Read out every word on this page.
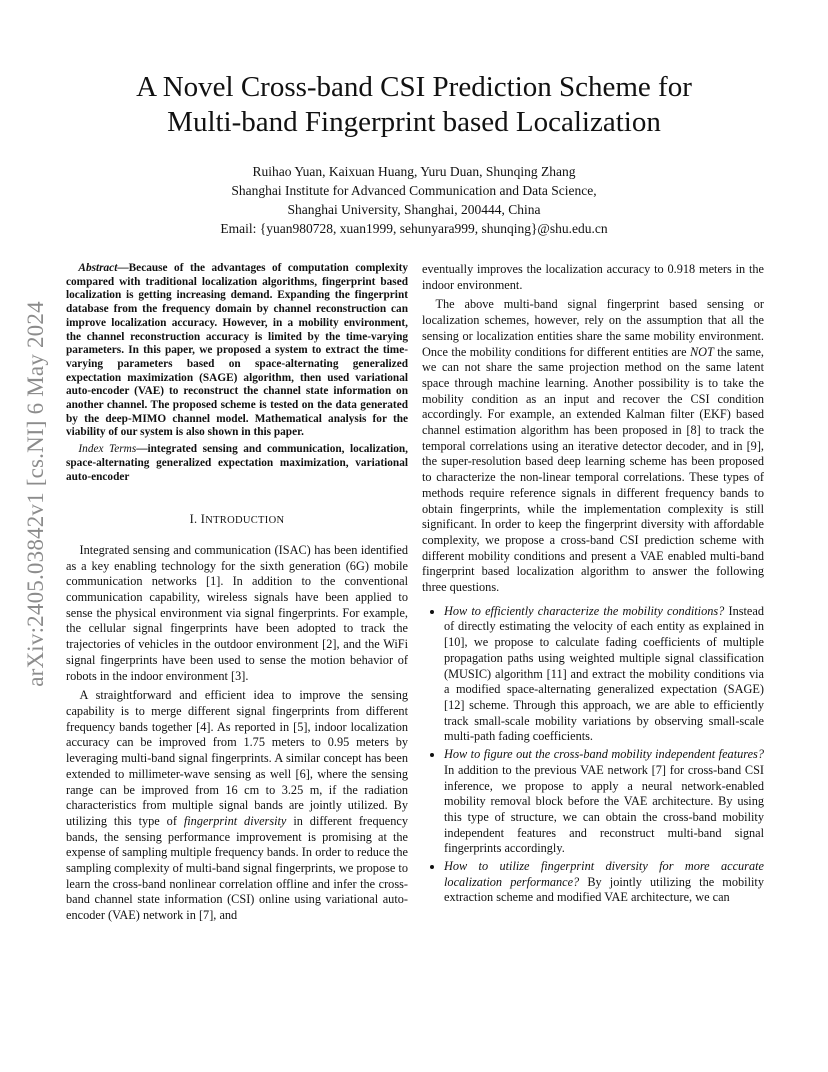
arXiv:2405.03842v1 [cs.NI] 6 May 2024
A Novel Cross-band CSI Prediction Scheme for
Multi-band Fingerprint based Localization
Ruihao Yuan, Kaixuan Huang, Yuru Duan, Shunqing Zhang
Shanghai Institute for Advanced Communication and Data Science,
Shanghai University, Shanghai, 200444, China
Email: {yuan980728, xuan1999, sehunyara999, shunqing}@shu.edu.cn

Abstract—Because of the advantages of computation complexity compared with traditional localization algorithms, fingerprint based localization is getting increasing demand. Expanding the fingerprint database from the frequency domain by channel reconstruction can improve localization accuracy. However, in a mobility environment, the channel reconstruction accuracy is limited by the time-varying parameters. In this paper, we proposed a system to extract the time-varying parameters based on space-alternating generalized expectation maximization (SAGE) algorithm, then used variational auto-encoder (VAE) to reconstruct the channel state information on another channel. The proposed scheme is tested on the data generated by the deep-MIMO channel model. Mathematical analysis for the viability of our system is also shown in this paper.

Index Terms—integrated sensing and communication, localization, space-alternating generalized expectation maximization, variational auto-encoder

I. INTRODUCTION

Integrated sensing and communication (ISAC) has been identified as a key enabling technology for the sixth generation (6G) mobile communication networks [1]. In addition to the conventional communication capability, wireless signals have been applied to sense the physical environment via signal fingerprints. For example, the cellular signal fingerprints have been adopted to track the trajectories of vehicles in the outdoor environment [2], and the WiFi signal fingerprints have been used to sense the motion behavior of robots in the indoor environment [3].

A straightforward and efficient idea to improve the sensing capability is to merge different signal fingerprints from different frequency bands together [4]. As reported in [5], indoor localization accuracy can be improved from 1.75 meters to 0.95 meters by leveraging multi-band signal fingerprints. A similar concept has been extended to millimeter-wave sensing as well [6], where the sensing range can be improved from 16 cm to 3.25 m, if the radiation characteristics from multiple signal bands are jointly utilized. By utilizing this type of fingerprint diversity in different frequency bands, the sensing performance improvement is promising at the expense of sampling multiple frequency bands. In order to reduce the sampling complexity of multi-band signal fingerprints, we propose to learn the cross-band nonlinear correlation offline and infer the cross-band channel state information (CSI) online using variational auto-encoder (VAE) network in [7], and

eventually improves the localization accuracy to 0.918 meters in the indoor environment.

The above multi-band signal fingerprint based sensing or localization schemes, however, rely on the assumption that all the sensing or localization entities share the same mobility environment. Once the mobility conditions for different entities are NOT the same, we can not share the same projection method on the same latent space through machine learning. Another possibility is to take the mobility condition as an input and recover the CSI condition accordingly. For example, an extended Kalman filter (EKF) based channel estimation algorithm has been proposed in [8] to track the temporal correlations using an iterative detector decoder, and in [9], the super-resolution based deep learning scheme has been proposed to characterize the non-linear temporal correlations. These types of methods require reference signals in different frequency bands to obtain fingerprints, while the implementation complexity is still significant. In order to keep the fingerprint diversity with affordable complexity, we propose a cross-band CSI prediction scheme with different mobility conditions and present a VAE enabled multi-band fingerprint based localization algorithm to answer the following three questions.

• How to efficiently characterize the mobility conditions? Instead of directly estimating the velocity of each entity as explained in [10], we propose to calculate fading coefficients of multiple propagation paths using weighted multiple signal classification (MUSIC) algorithm [11] and extract the mobility conditions via a modified space-alternating generalized expectation (SAGE) [12] scheme. Through this approach, we are able to efficiently track small-scale mobility variations by observing small-scale multi-path fading coefficients.
• How to figure out the cross-band mobility independent features? In addition to the previous VAE network [7] for cross-band CSI inference, we propose to apply a neural network-enabled mobility removal block before the VAE architecture. By using this type of structure, we can obtain the cross-band mobility independent features and reconstruct multi-band signal fingerprints accordingly.
• How to utilize fingerprint diversity for more accurate localization performance? By jointly utilizing the mobility extraction scheme and modified VAE architecture, we can
